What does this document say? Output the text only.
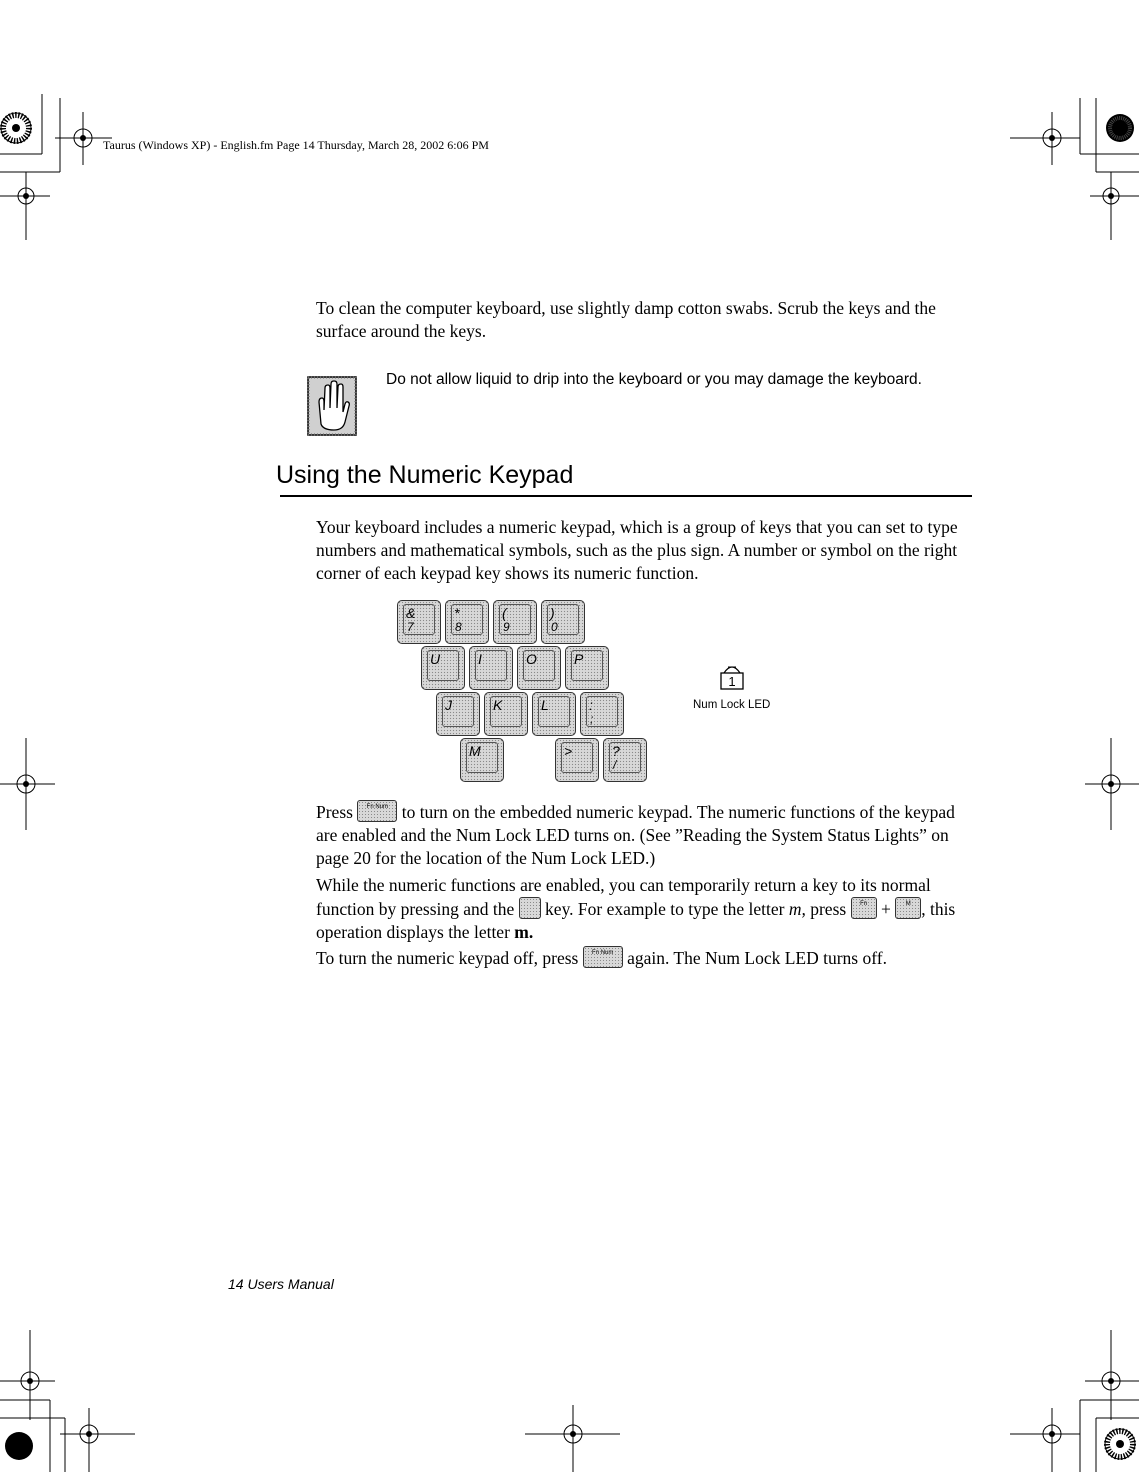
Taurus (Windows XP) - English.fm Page 14 Thursday, March 28, 2002 6:06 PM

To clean the computer keyboard, use slightly damp cotton swabs. Scrub the keys and the surface around the keys.

Do not allow liquid to drip into the keyboard or you may damage the keyboard.
Using the Numeric Keypad

Your keyboard includes a numeric keypad, which is a group of keys that you can set to type numbers and mathematical symbols, such as the plus sign. A number or symbol on the right corner of each keypad key shows its numeric function.

&
7
*
8
(
9
)
0
U	I	O	P
J	K	L	:
;
M	>	?
/
1
Num Lock LED

Press Fn Num to turn on the embedded numeric keypad. The numeric functions of the keypad are enabled and the Num Lock LED turns on. (See ”Reading the System Status Lights” on page 20 for the location of the Num Lock LED.)

While the numeric functions are enabled, you can temporarily return a key to its normal function by pressing and the key. For example to type the letter m, press Fn + M , this operation displays the letter m.

To turn the numeric keypad off, press Fn Num again. The Num Lock LED turns off.

14 Users Manual
